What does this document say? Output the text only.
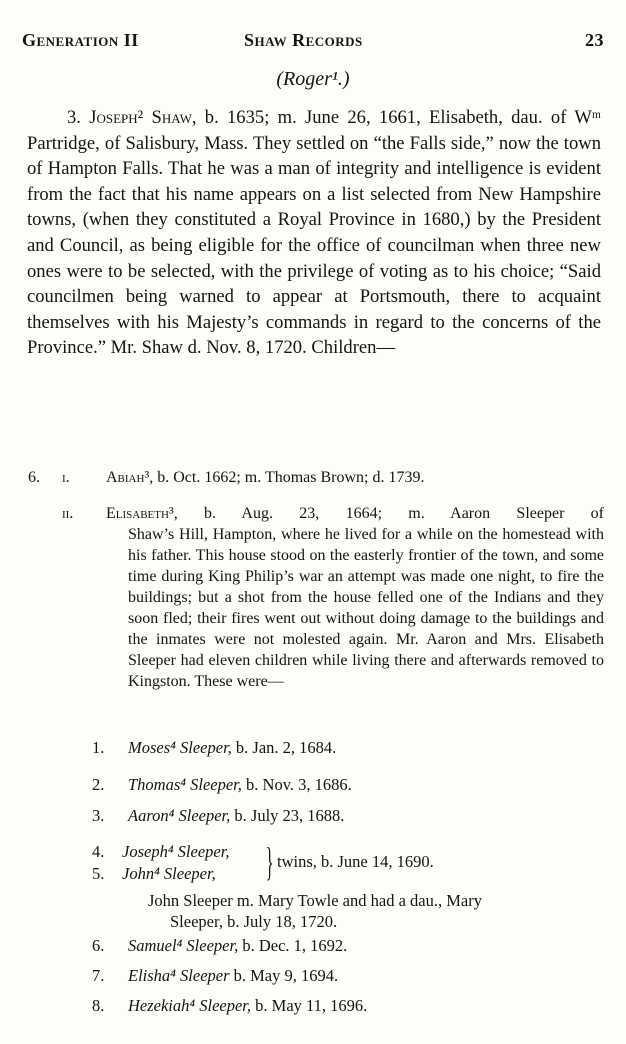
Generation II	Shaw Records	23
(Roger¹.)

3. Joseph² Shaw, b. 1635; m. June 26, 1661, Elisabeth, dau. of Wᵐ Partridge, of Salisbury, Mass. They settled on “the Falls side,” now the town of Hampton Falls. That he was a man of integrity and intelligence is evident from the fact that his name appears on a list selected from New Hampshire towns, (when they constituted a Royal Province in 1680,) by the President and Council, as being eligible for the office of councilman when three new ones were to be selected, with the privilege of voting as to his choice; “Said councilmen being warned to appear at Portsmouth, there to acquaint themselves with his Majesty’s commands in regard to the concerns of the Province.” Mr. Shaw d. Nov. 8, 1720. Children—

6. i. Abiah³, b. Oct. 1662; m. Thomas Brown; d. 1739.
ii. Elisabeth³, b. Aug. 23, 1664; m. Aaron Sleeper of
Shaw’s Hill, Hampton, where he lived for a while on the homestead with his father. This house stood on the easterly frontier of the town, and some time during King Philip’s war an attempt was made one night, to fire the buildings; but a shot from the house felled one of the Indians and they soon fled; their fires went out without doing damage to the buildings and the inmates were not molested again. Mr. Aaron and Mrs. Elisabeth Sleeper had eleven children while living there and afterwards removed to Kingston. These were—
1. Moses⁴ Sleeper, b. Jan. 2, 1684.
2. Thomas⁴ Sleeper, b. Nov. 3, 1686.
3. Aaron⁴ Sleeper, b. July 23, 1688.
4. Joseph⁴ Sleeper,
5. John⁴ Sleeper, } twins, b. June 14, 1690.
John Sleeper m. Mary Towle and had a dau., Mary
Sleeper, b. July 18, 1720.
6. Samuel⁴ Sleeper, b. Dec. 1, 1692.
7. Elisha⁴ Sleeper b. May 9, 1694.
8. Hezekiah⁴ Sleeper, b. May 11, 1696.
